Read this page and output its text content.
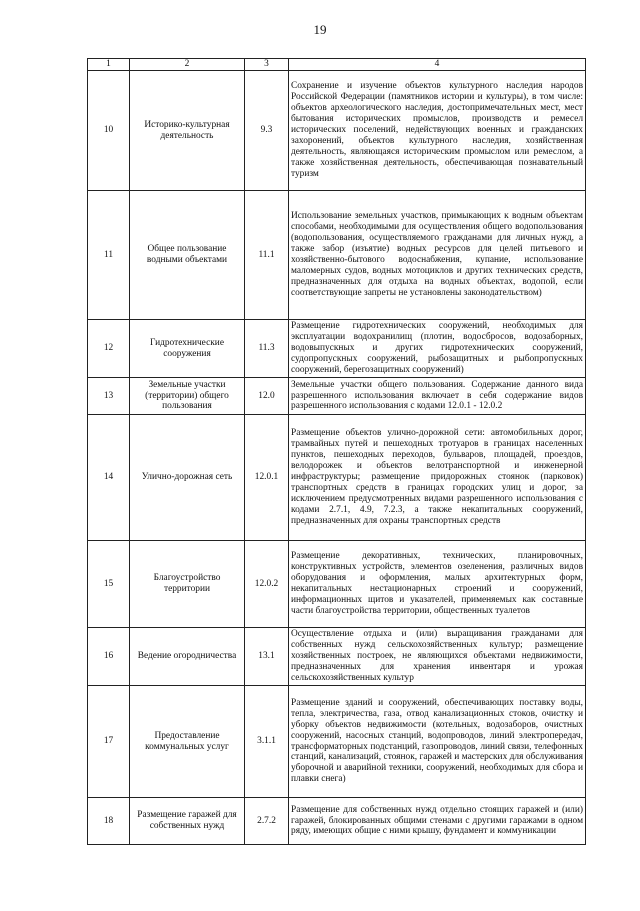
19
1	2	3	4
10	Историко-культурная деятельность	9.3	Сохранение и изучение объектов культурного наследия народов Российской Федерации (памятников истории и культуры), в том числе: объектов археологического наследия, достопримечательных мест, мест бытования исторических промыслов, производств и ремесел исторических поселений, недействующих военных и гражданских захоронений, объектов культурного наследия, хозяйственная деятельность, являющаяся историческим промыслом или ремеслом, а также хозяйственная деятельность, обеспечивающая познавательный туризм
11	Общее пользование водными объектами	11.1	Использование земельных участков, примыкающих к водным объектам способами, необходимыми для осуществления общего водопользования (водопользования, осуществляемого гражданами для личных нужд, а также забор (изъятие) водных ресурсов для целей питьевого и хозяйственно-бытового водоснабжения, купание, использование маломерных судов, водных мотоциклов и других технических средств, предназначенных для отдыха на водных объектах, водопой, если соответствующие запреты не установлены законодательством)
12	Гидротехнические сооружения	11.3	Размещение гидротехнических сооружений, необходимых для эксплуатации водохранилищ (плотин, водосбросов, водозаборных, водовыпускных и других гидротехнических сооружений, судопропускных сооружений, рыбозащитных и рыбопропускных сооружений, берегозащитных сооружений)
13	Земельные участки (территории) общего пользования	12.0	Земельные участки общего пользования. Содержание данного вида разрешенного использования включает в себя содержание видов разрешенного использования с кодами 12.0.1 - 12.0.2
14	Улично-дорожная сеть	12.0.1	Размещение объектов улично-дорожной сети: автомобильных дорог, трамвайных путей и пешеходных тротуаров в границах населенных пунктов, пешеходных переходов, бульваров, площадей, проездов, велодорожек и объектов велотранспортной и инженерной инфраструктуры; размещение придорожных стоянок (парковок) транспортных средств в границах городских улиц и дорог, за исключением предусмотренных видами разрешенного использования с кодами 2.7.1, 4.9, 7.2.3, а также некапитальных сооружений, предназначенных для охраны транспортных средств
15	Благоустройство территории	12.0.2	Размещение декоративных, технических, планировочных, конструктивных устройств, элементов озеленения, различных видов оборудования и оформления, малых архитектурных форм, некапитальных нестационарных строений и сооружений, информационных щитов и указателей, применяемых как составные части благоустройства территории, общественных туалетов
16	Ведение огородничества	13.1	Осуществление отдыха и (или) выращивания гражданами для собственных нужд сельскохозяйственных культур; размещение хозяйственных построек, не являющихся объектами недвижимости, предназначенных для хранения инвентаря и урожая сельскохозяйственных культур
17	Предоставление коммунальных услуг	3.1.1	Размещение зданий и сооружений, обеспечивающих поставку воды, тепла, электричества, газа, отвод канализационных стоков, очистку и уборку объектов недвижимости (котельных, водозаборов, очистных сооружений, насосных станций, водопроводов, линий электропередач, трансформаторных подстанций, газопроводов, линий связи, телефонных станций, канализаций, стоянок, гаражей и мастерских для обслуживания уборочной и аварийной техники, сооружений, необходимых для сбора и плавки снега)
18	Размещение гаражей для собственных нужд	2.7.2	Размещение для собственных нужд отдельно стоящих гаражей и (или) гаражей, блокированных общими стенами с другими гаражами в одном ряду, имеющих общие с ними крышу, фундамент и коммуникации
